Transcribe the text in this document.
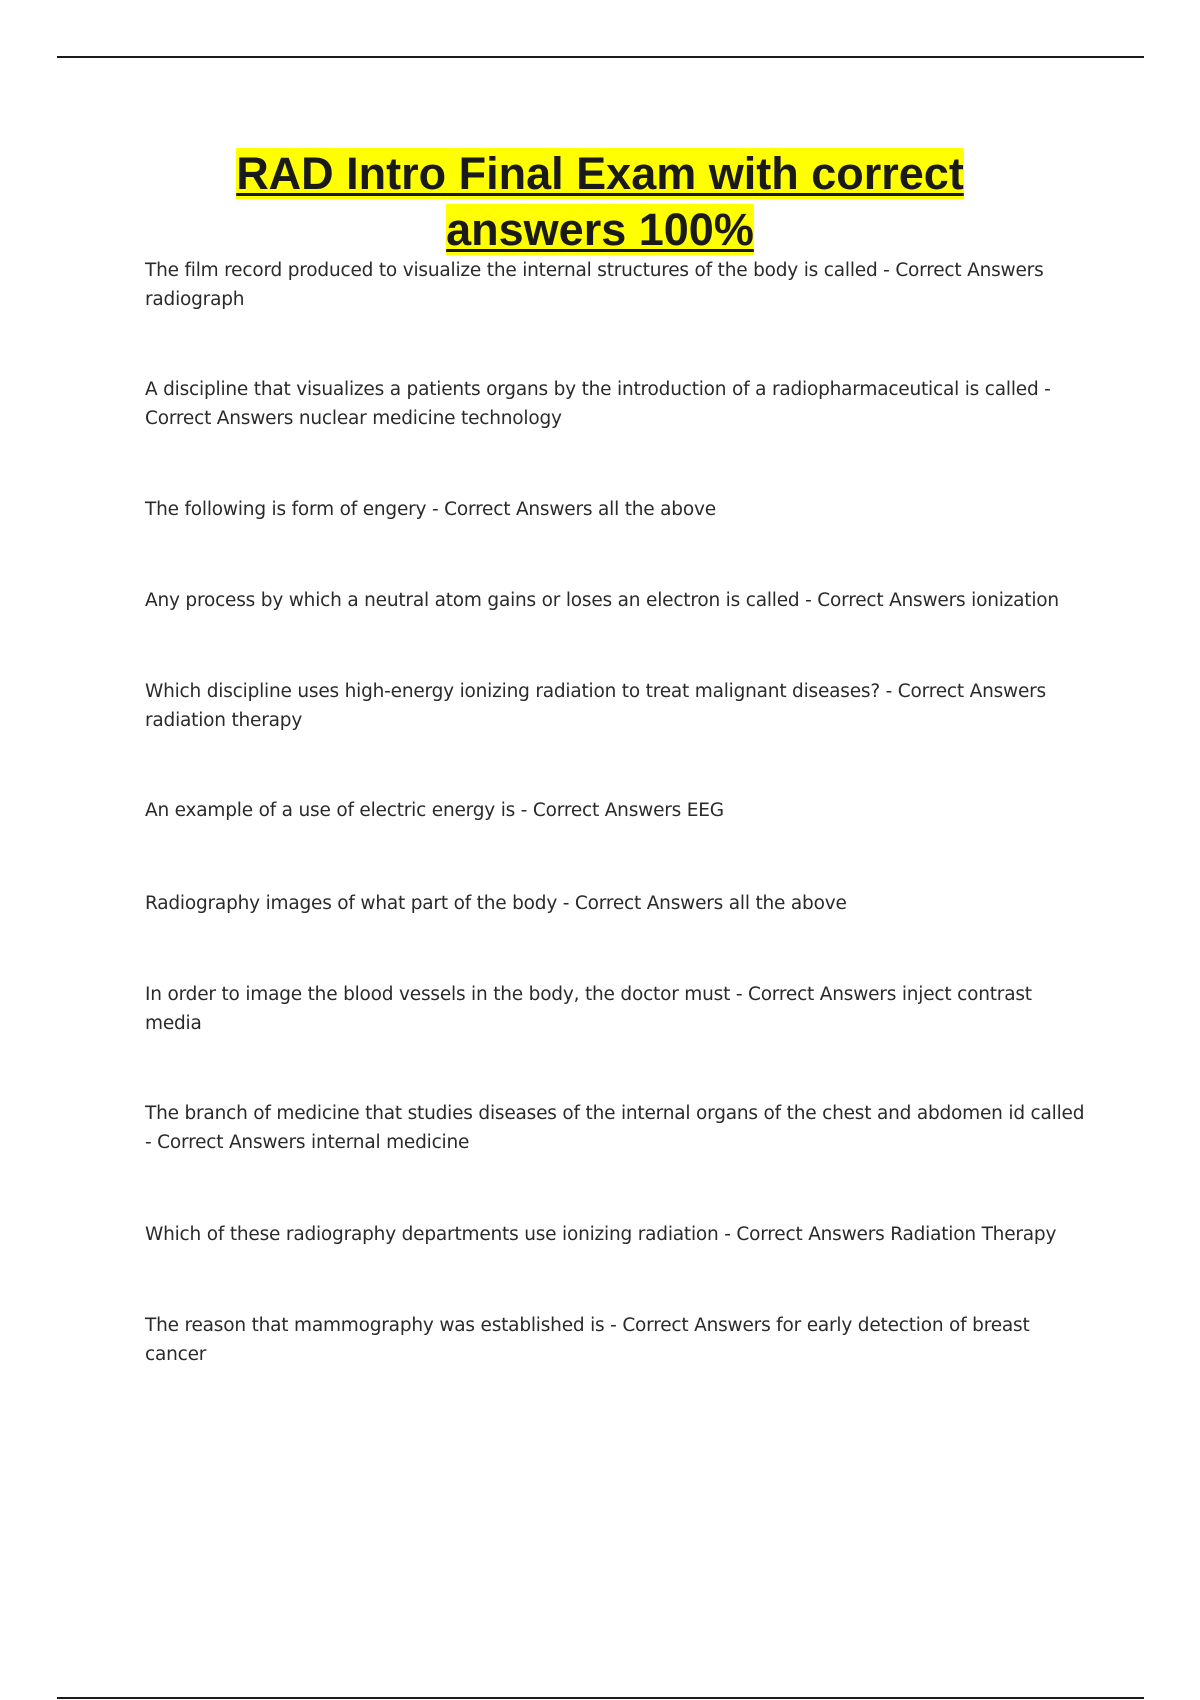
RAD Intro Final Exam with correct answers 100%
The film record produced to visualize the internal structures of the body is called - Correct Answers radiograph
A discipline that visualizes a patients organs by the introduction of a radiopharmaceutical is called - Correct Answers nuclear medicine technology
The following is form of engery - Correct Answers all the above
Any process by which a neutral atom gains or loses an electron is called - Correct Answers ionization
Which discipline uses high-energy ionizing radiation to treat malignant diseases? - Correct Answers radiation therapy
An example of a use of electric energy is - Correct Answers EEG
Radiography images of what part of the body - Correct Answers all the above
In order to image the blood vessels in the body, the doctor must - Correct Answers inject contrast media
The branch of medicine that studies diseases of the internal organs of the chest and abdomen id called - Correct Answers internal medicine
Which of these radiography departments use ionizing radiation - Correct Answers Radiation Therapy
The reason that mammography was established is - Correct Answers for early detection of breast cancer
